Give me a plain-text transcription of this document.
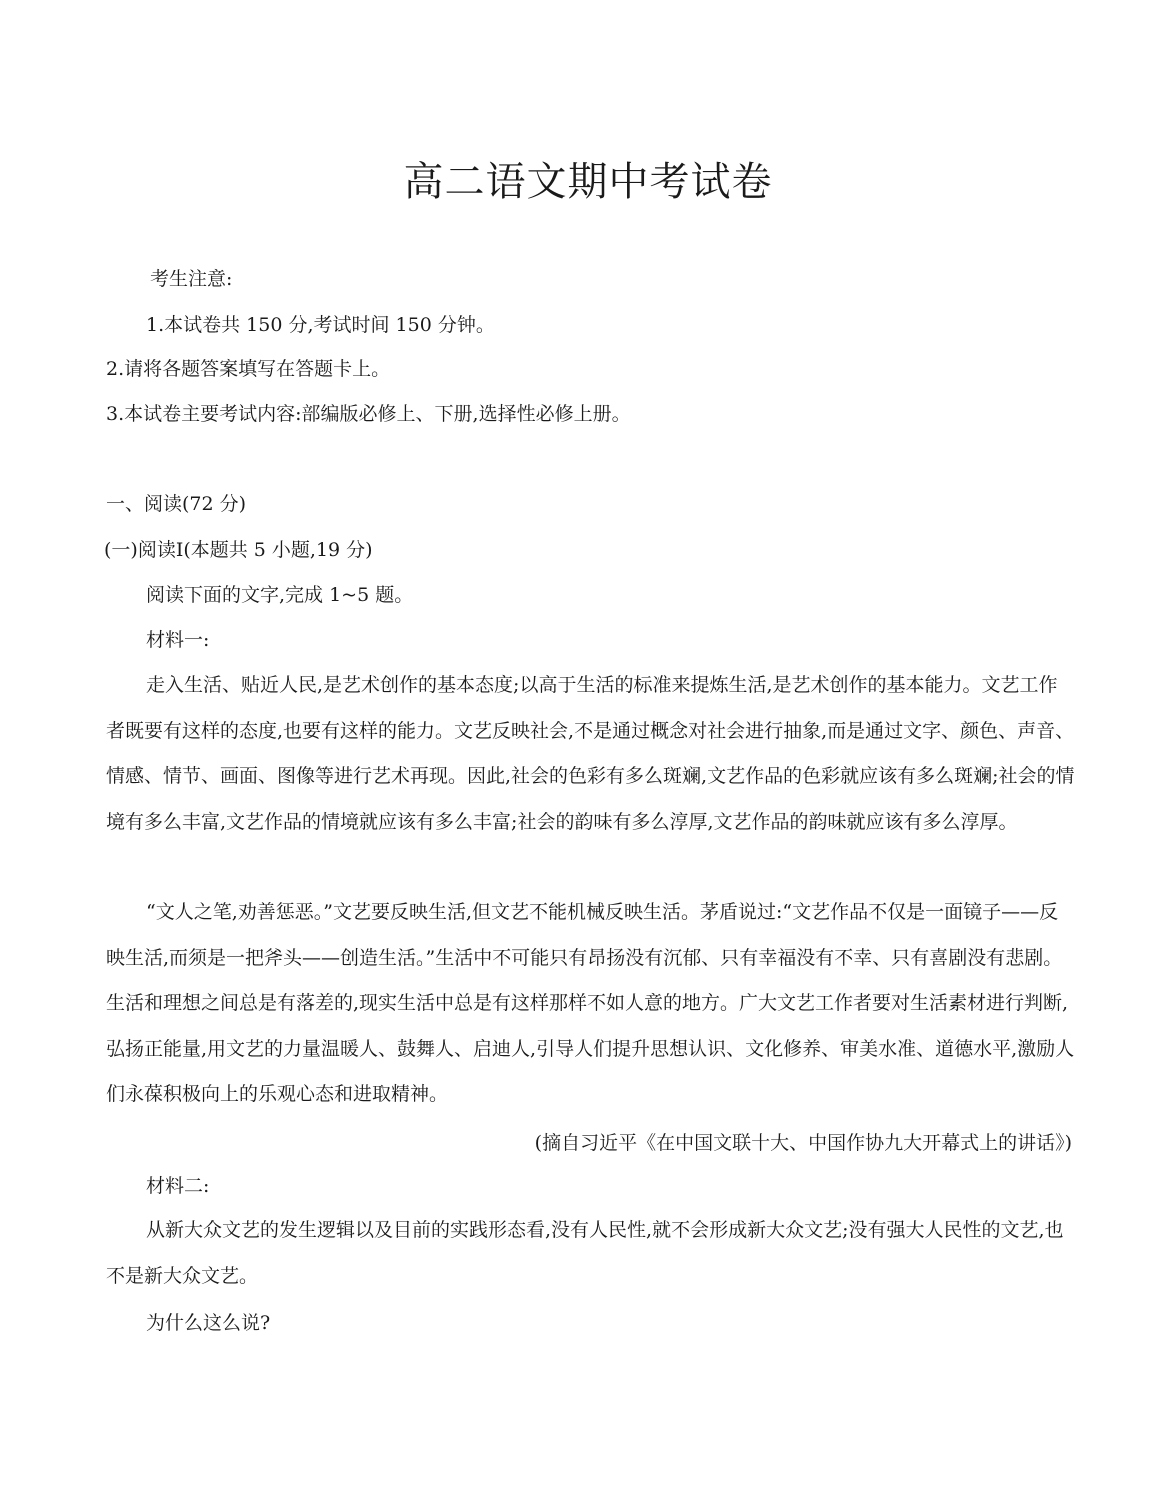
高二语文期中考试卷
考生注意:
1.本试卷共 150 分,考试时间 150 分钟。
2.请将各题答案填写在答题卡上。
3.本试卷主要考试内容:部编版必修上、下册,选择性必修上册。
一、阅读(72 分)
(一)阅读I(本题共 5 小题,19 分)
阅读下面的文字,完成 1~5 题。
材料一:

走入生活、贴近人民,是艺术创作的基本态度;以高于生活的标准来提炼生活,是艺术创作的基本能力。文艺工作者既要有这样的态度,也要有这样的能力。文艺反映社会,不是通过概念对社会进行抽象,而是通过文字、颜色、声音、情感、情节、画面、图像等进行艺术再现。因此,社会的色彩有多么斑斓,文艺作品的色彩就应该有多么斑斓;社会的情境有多么丰富,文艺作品的情境就应该有多么丰富;社会的韵味有多么淳厚,文艺作品的韵味就应该有多么淳厚。

“文人之笔,劝善惩恶。”文艺要反映生活,但文艺不能机械反映生活。茅盾说过:“文艺作品不仅是一面镜子——反映生活,而须是一把斧头——创造生活。”生活中不可能只有昂扬没有沉郁、只有幸福没有不幸、只有喜剧没有悲剧。生活和理想之间总是有落差的,现实生活中总是有这样那样不如人意的地方。广大文艺工作者要对生活素材进行判断,弘扬正能量,用文艺的力量温暖人、鼓舞人、启迪人,引导人们提升思想认识、文化修养、审美水准、道德水平,激励人们永葆积极向上的乐观心态和进取精神。

(摘自习近平《在中国文联十大、中国作协九大开幕式上的讲话》)
材料二:

从新大众文艺的发生逻辑以及目前的实践形态看,没有人民性,就不会形成新大众文艺;没有强大人民性的文艺,也不是新大众文艺。

为什么这么说?
